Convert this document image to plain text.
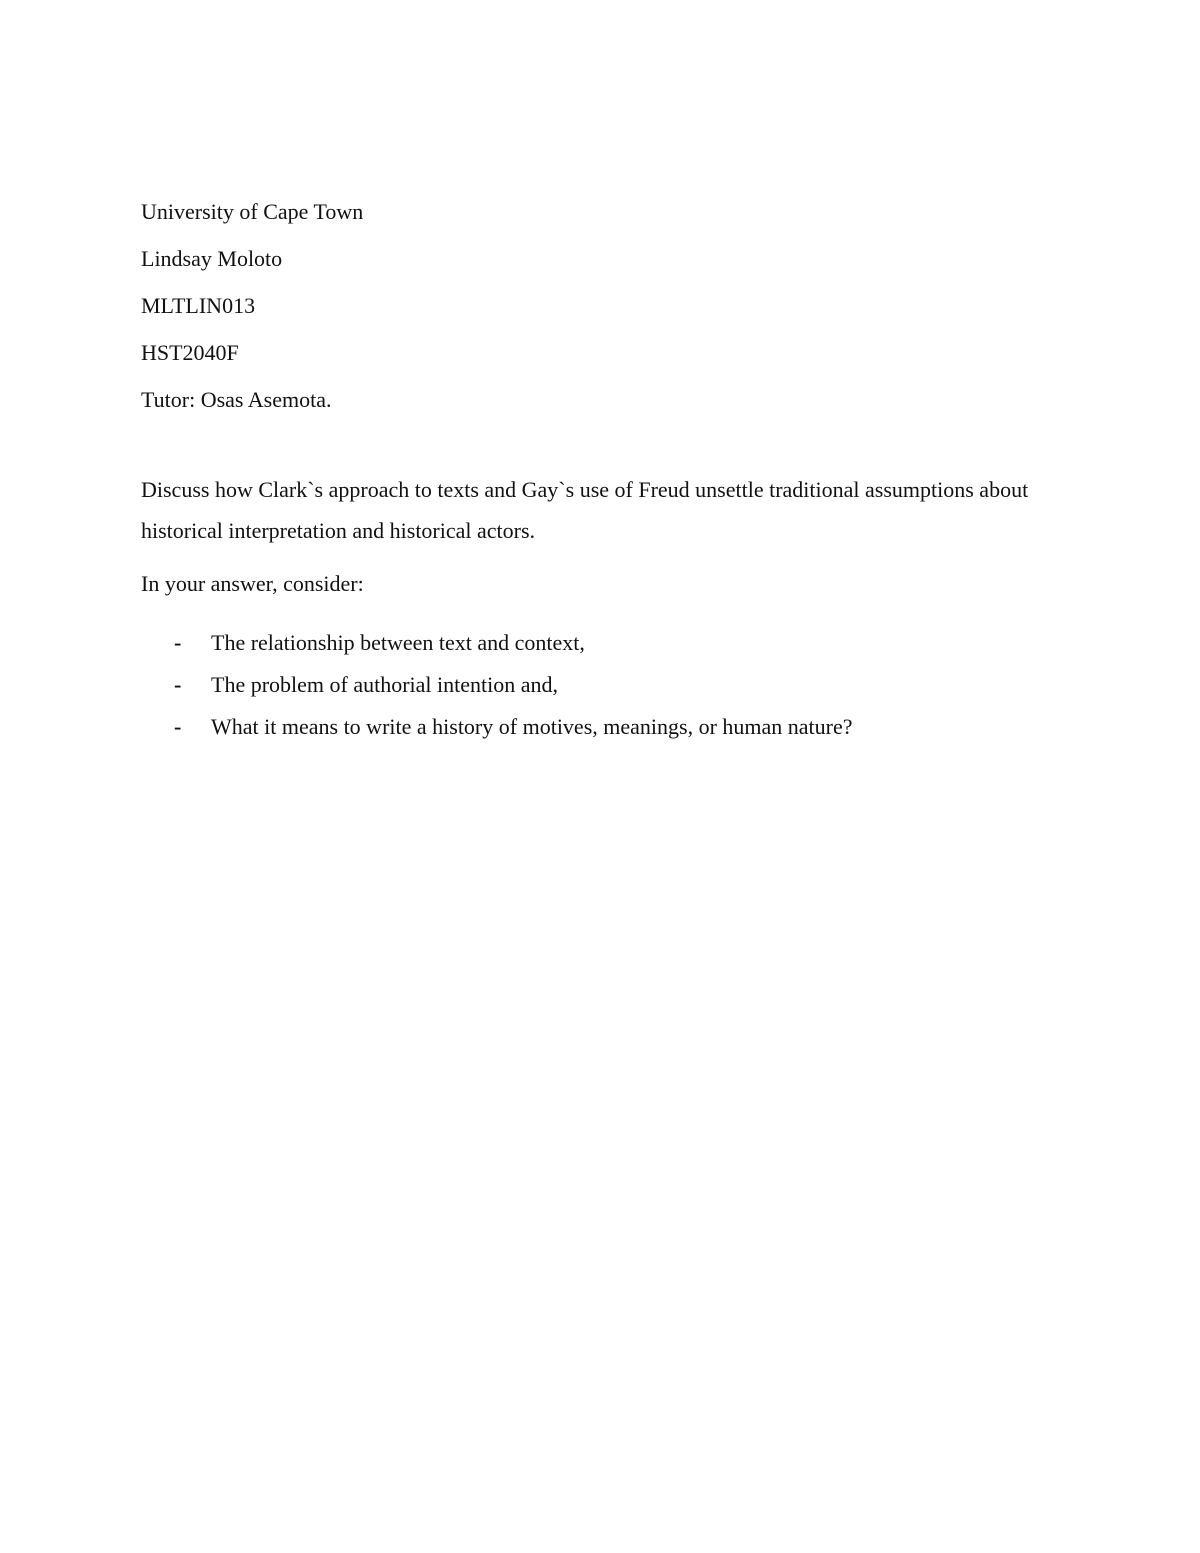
University of Cape Town
Lindsay Moloto
MLTLIN013
HST2040F
Tutor: Osas Asemota.
Discuss how Clark`s approach to texts and Gay`s use of Freud unsettle traditional assumptions about historical interpretation and historical actors.
In your answer, consider:
-	The relationship between text and context,
-	The problem of authorial intention and,
-	What it means to write a history of motives, meanings, or human nature?
